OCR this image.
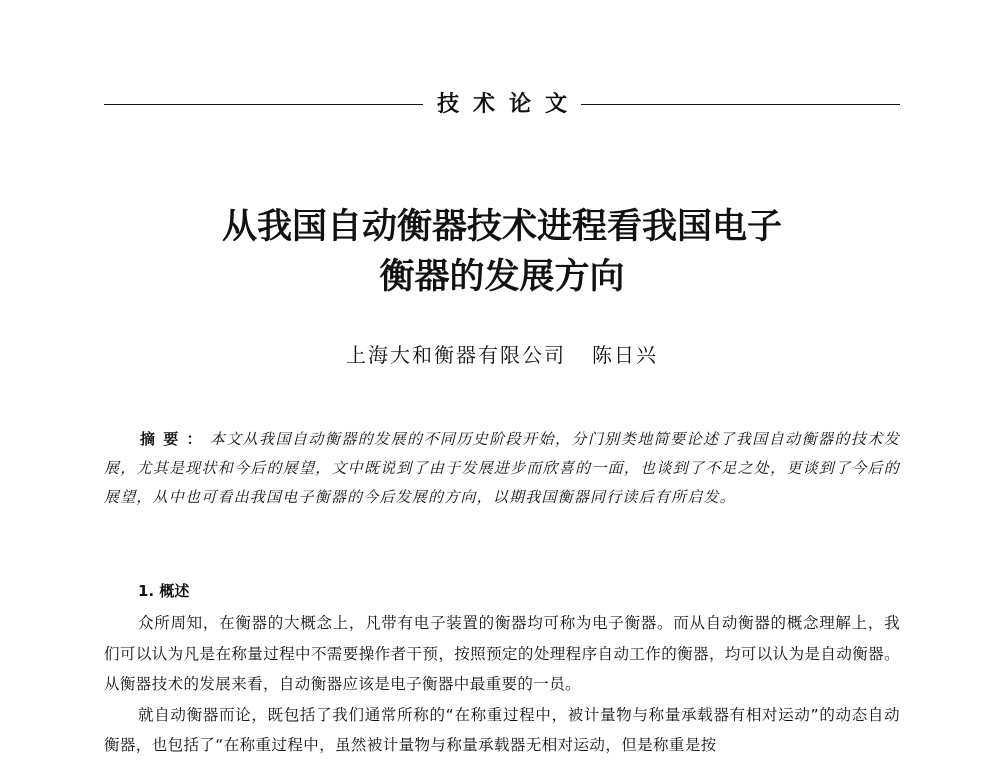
技术论文
从我国自动衡器技术进程看我国电子
衡器的发展方向
上海大和衡器有限公司 陈日兴
摘要：本文从我国自动衡器的发展的不同历史阶段开始，分门别类地简要论述了我国自动衡器的技术发展，尤其是现状和今后的展望，文中既说到了由于发展进步而欣喜的一面，也谈到了不足之处，更谈到了今后的展望，从中也可看出我国电子衡器的今后发展的方向，以期我国衡器同行读后有所启发。
1. 概述

众所周知，在衡器的大概念上，凡带有电子装置的衡器均可称为电子衡器。而从自动衡器的概念理解上，我们可以认为凡是在称量过程中不需要操作者干预，按照预定的处理程序自动工作的衡器，均可以认为是自动衡器。从衡器技术的发展来看，自动衡器应该是电子衡器中最重要的一员。

就自动衡器而论，既包括了我们通常所称的“在称重过程中，被计量物与称量承载器有相对运动”的动态自动衡器，也包括了“在称重过程中，虽然被计量物与称量承载器无相对运动，但是称重是按
